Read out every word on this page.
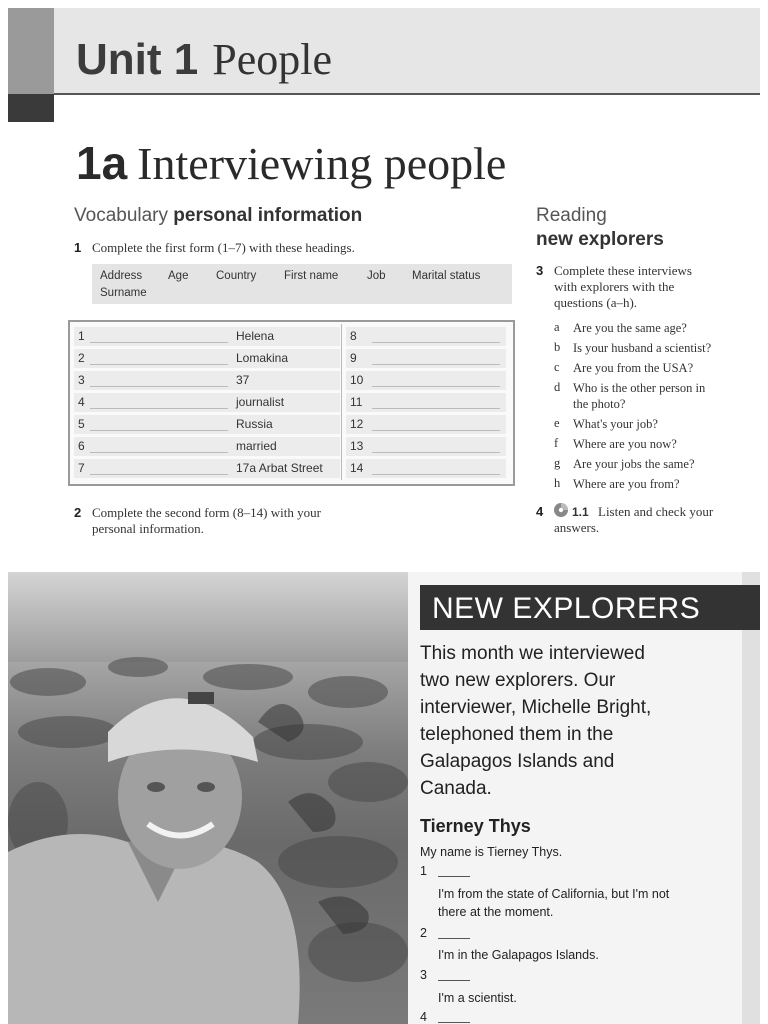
Unit 1 People
1a Interviewing people
Vocabulary personal information
1 Complete the first form (1–7) with these headings.
Address Age Country First name Job Marital status
Surname
1	Helena
2	Lomakina
3	37
4	journalist
5	Russia
6	married
7	17a Arbat Street
8
9
10
11
12
13
14
2 Complete the second form (8–14) with your
personal information.
Reading
new explorers
3 Complete these interviews
with explorers with the
questions (a–h).
a Are you the same age?
b Is your husband a scientist?
c Are you from the USA?
d Who is the other person in
the photo?
e What's your job?
f Where are you now?
g Are your jobs the same?
h Where are you from?
4 1.1 Listen and check your
answers.
NEW EXPLORERS
This month we interviewed
two new explorers. Our
interviewer, Michelle Bright,
telephoned them in the
Galapagos Islands and
Canada.
Tierney Thys
My name is Tierney Thys.
1
I'm from the state of California, but I'm not
there at the moment.
2
I'm in the Galapagos Islands.
3
I'm a scientist.
4
